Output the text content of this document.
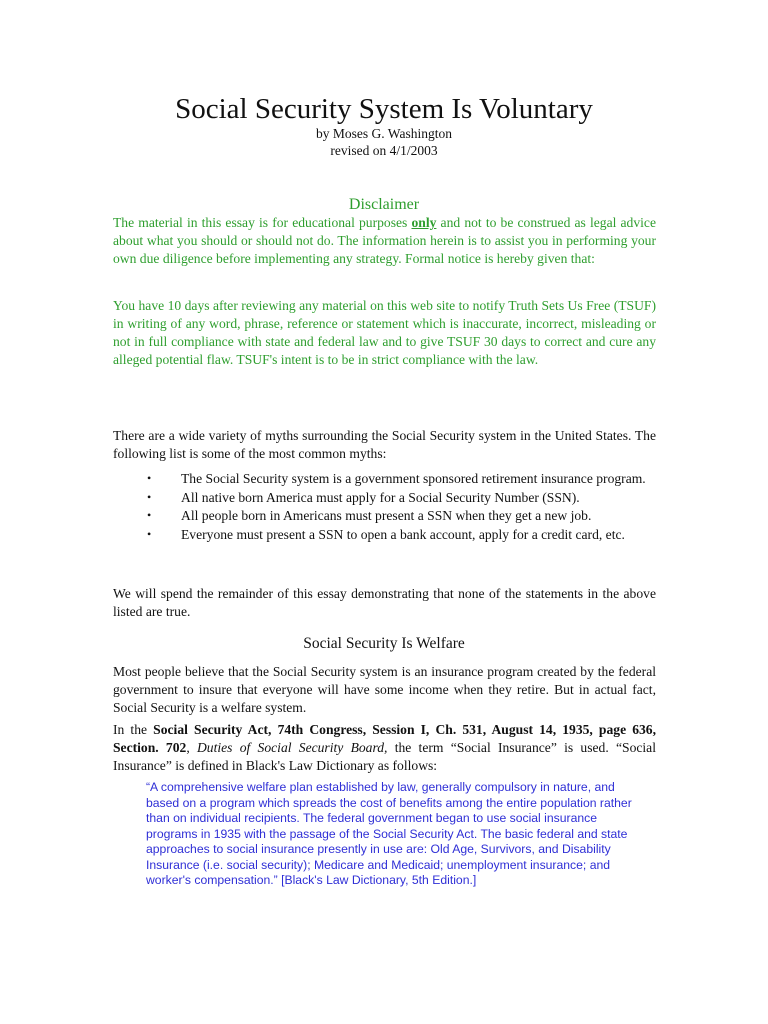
Social Security System Is Voluntary

by Moses G. Washington

revised on 4/1/2003

Disclaimer

The material in this essay is for educational purposes only and not to be construed as legal advice about what you should or should not do. The information herein is to assist you in performing your own due diligence before implementing any strategy. Formal notice is hereby given that:

You have 10 days after reviewing any material on this web site to notify Truth Sets Us Free (TSUF) in writing of any word, phrase, reference or statement which is inaccurate, incorrect, misleading or not in full compliance with state and federal law and to give TSUF 30 days to correct and cure any alleged potential flaw. TSUF's intent is to be in strict compliance with the law.

There are a wide variety of myths surrounding the Social Security system in the United States. The following list is some of the most common myths:

• The Social Security system is a government sponsored retirement insurance program.
• All native born America must apply for a Social Security Number (SSN).
• All people born in Americans must present a SSN when they get a new job.
• Everyone must present a SSN to open a bank account, apply for a credit card, etc.

We will spend the remainder of this essay demonstrating that none of the statements in the above listed are true.

Social Security Is Welfare

Most people believe that the Social Security system is an insurance program created by the federal government to insure that everyone will have some income when they retire. But in actual fact, Social Security is a welfare system.

In the Social Security Act, 74th Congress, Session I, Ch. 531, August 14, 1935, page 636, Section. 702, Duties of Social Security Board, the term “Social Insurance” is used. “Social Insurance” is defined in Black's Law Dictionary as follows:

“A comprehensive welfare plan established by law, generally compulsory in nature, and based on a program which spreads the cost of benefits among the entire population rather than on individual recipients. The federal government began to use social insurance programs in 1935 with the passage of the Social Security Act. The basic federal and state approaches to social insurance presently in use are: Old Age, Survivors, and Disability Insurance (i.e. social security); Medicare and Medicaid; unemployment insurance; and worker's compensation.” [Black's Law Dictionary, 5th Edition.]
